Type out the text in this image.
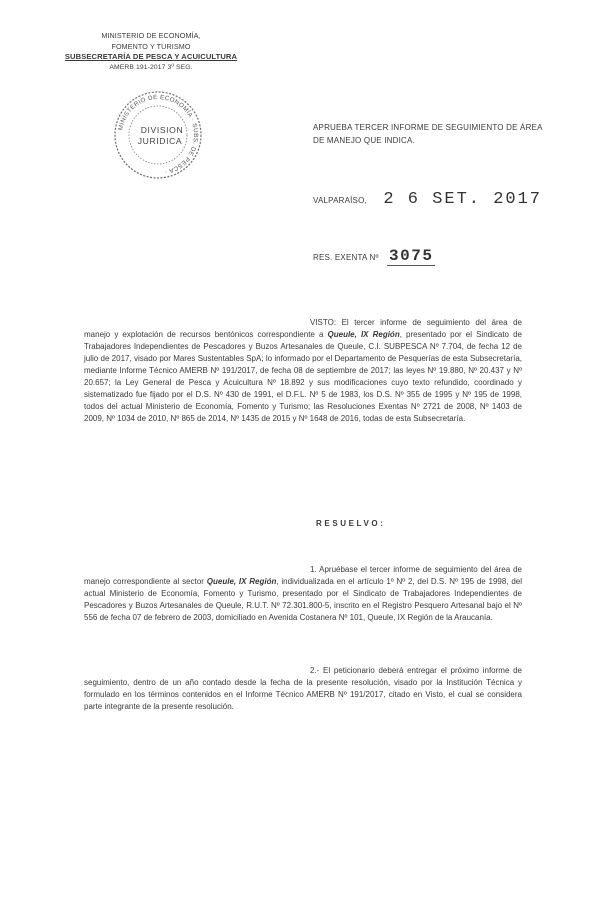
MINISTERIO DE ECONOMÍA,
FOMENTO Y TURISMO
SUBSECRETARÍA DE PESCA Y ACUICULTURA
AMERB 191-2017 3º SEG.
MINISTERIO DE ECONOMÍA · SUBS. DE PESCA ·
DIVISION
JURIDICA
APRUEBA TERCER INFORME DE SEGUIMIENTO DE ÁREA DE MANEJO QUE INDICA.
VALPARAÍSO, 2 6 SET. 2017
RES. EXENTA Nº 3075
VISTO: El tercer informe de seguimiento del área de manejo y explotación de recursos bentónicos correspondiente a Queule, IX Región, presentado por el Sindicato de Trabajadores Independientes de Pescadores y Buzos Artesanales de Queule, C.I. SUBPESCA Nº 7.704, de fecha 12 de julio de 2017, visado por Mares Sustentables SpA; lo informado por el Departamento de Pesquerías de esta Subsecretaría, mediante Informe Técnico AMERB Nº 191/2017, de fecha 08 de septiembre de 2017; las leyes Nº 19.880, Nº 20.437 y Nº 20.657; la Ley General de Pesca y Acuicultura Nº 18.892 y sus modificaciones cuyo texto refundido, coordinado y sistematizado fue fijado por el D.S. Nº 430 de 1991, el D.F.L. Nº 5 de 1983, los D.S. Nº 355 de 1995 y Nº 195 de 1998, todos del actual Ministerio de Economía, Fomento y Turismo; las Resoluciones Exentas Nº 2721 de 2008, Nº 1403 de 2009, Nº 1034 de 2010, Nº 865 de 2014, Nº 1435 de 2015 y Nº 1648 de 2016, todas de esta Subsecretaría.
RESUELVO:
1. Apruébase el tercer informe de seguimiento del área de manejo correspondiente al sector Queule, IX Región, individualizada en el artículo 1º Nº 2, del D.S. Nº 195 de 1998, del actual Ministerio de Economía, Fomento y Turismo, presentado por el Sindicato de Trabajadores Independientes de Pescadores y Buzos Artesanales de Queule, R.U.T. Nº 72.301.800-5, inscrito en el Registro Pesquero Artesanal bajo el Nº 556 de fecha 07 de febrero de 2003, domiciliado en Avenida Costanera Nº 101, Queule, IX Región de la Araucanía.
2.- El peticionario deberá entregar el próximo informe de seguimiento, dentro de un año contado desde la fecha de la presente resolución, visado por la Institución Técnica y formulado en los términos contenidos en el Informe Técnico AMERB Nº 191/2017, citado en Visto, el cual se considera parte integrante de la presente resolución.
